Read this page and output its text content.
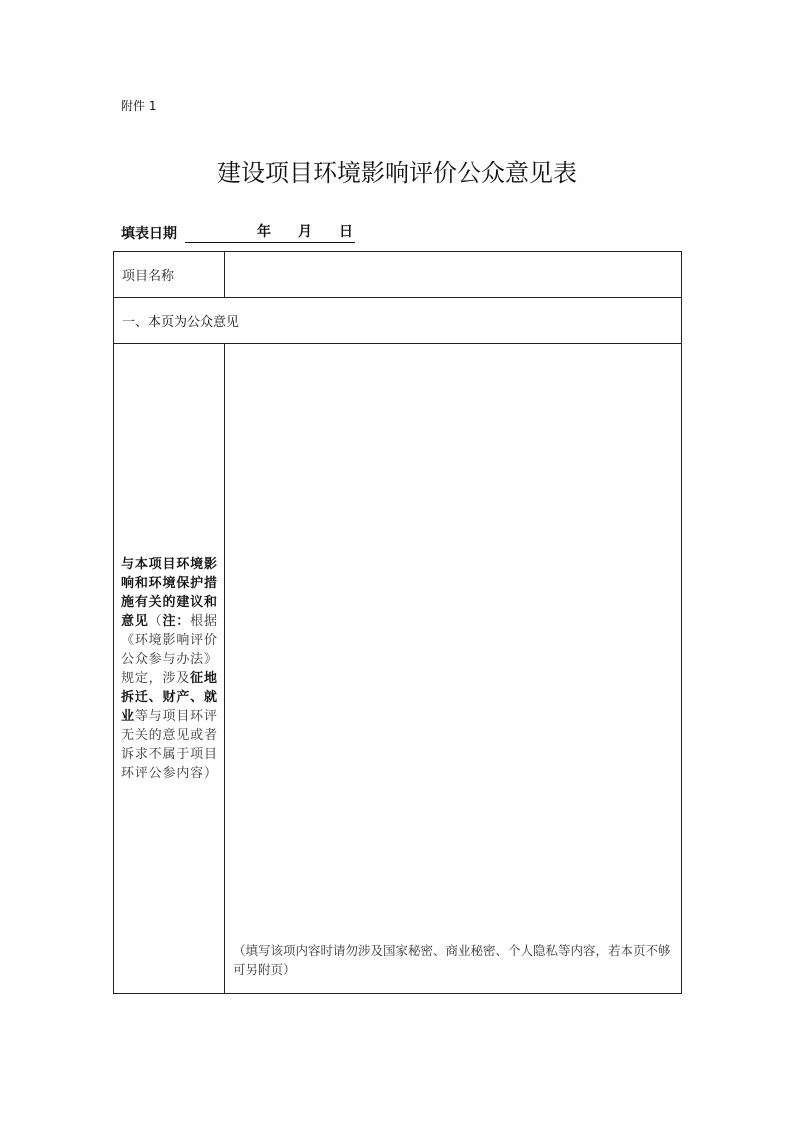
附件 1
建设项目环境影响评价公众意见表
填表日期	年 月 日
项目名称	

一、本页为公众意见	

与本项目环境影响和环境保护措施有关的建议和意见（注：根据《环境影响评价公众参与办法》规定，涉及征地拆迁、财产、就业等与项目环评无关的意见或者诉求不属于项目环评公参内容）	（填写该项内容时请勿涉及国家秘密、商业秘密、个人隐私等内容，若本页不够可另附页）
